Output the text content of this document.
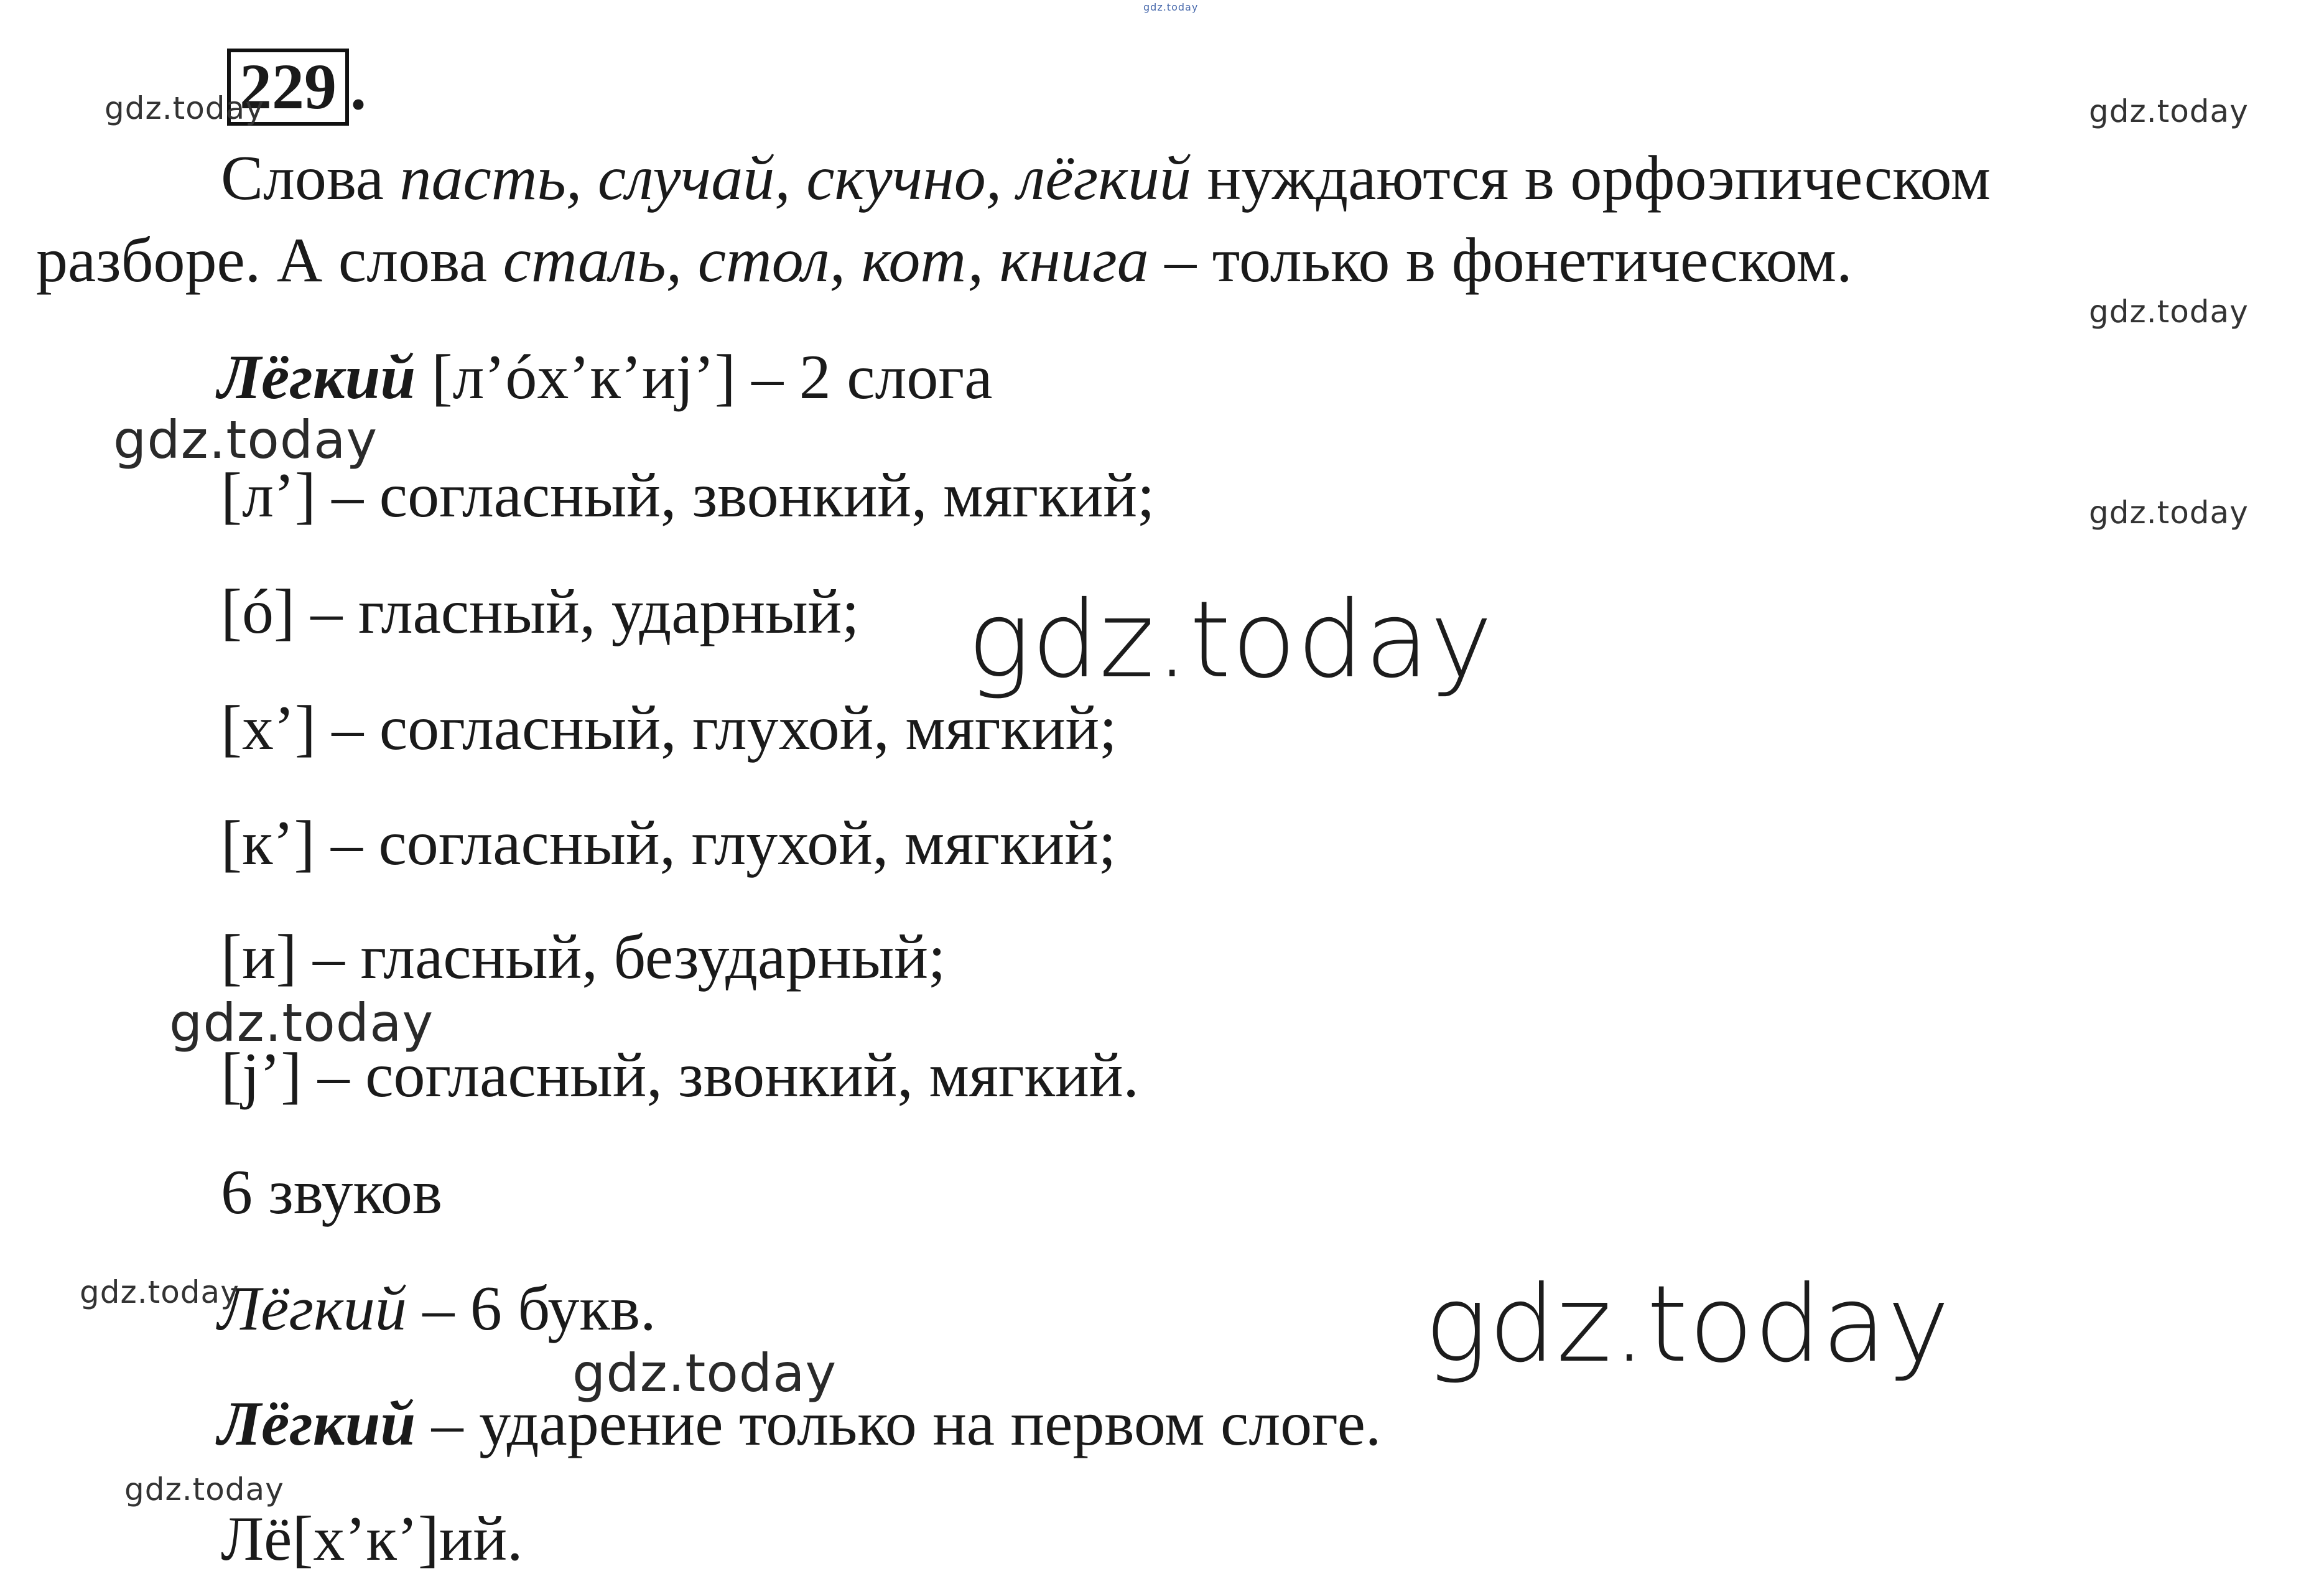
229 .
Слова пасть, случай, скучно, лёгкий нуждаются в орфоэпическом
разборе. А слова сталь, стол, кот, книга – только в фонетическом.
Лёгкий [л’óх’к’иj’] – 2 слога
[л’] – согласный, звонкий, мягкий;
[ó] – гласный, ударный;
[х’] – согласный, глухой, мягкий;
[к’] – согласный, глухой, мягкий;
[и] – гласный, безударный;
[j’] – согласный, звонкий, мягкий.
6 звуков
Лёгкий – 6 букв.
Лёгкий – ударение только на первом слоге.
Лё[х’к’]ий.
gdz.today
gdz.today	gdz.today
gdz.today
gdz.today
gdz.today
gdz.today
gdz.today
gdz.today	gdz.today
gdz.today
gdz.today
